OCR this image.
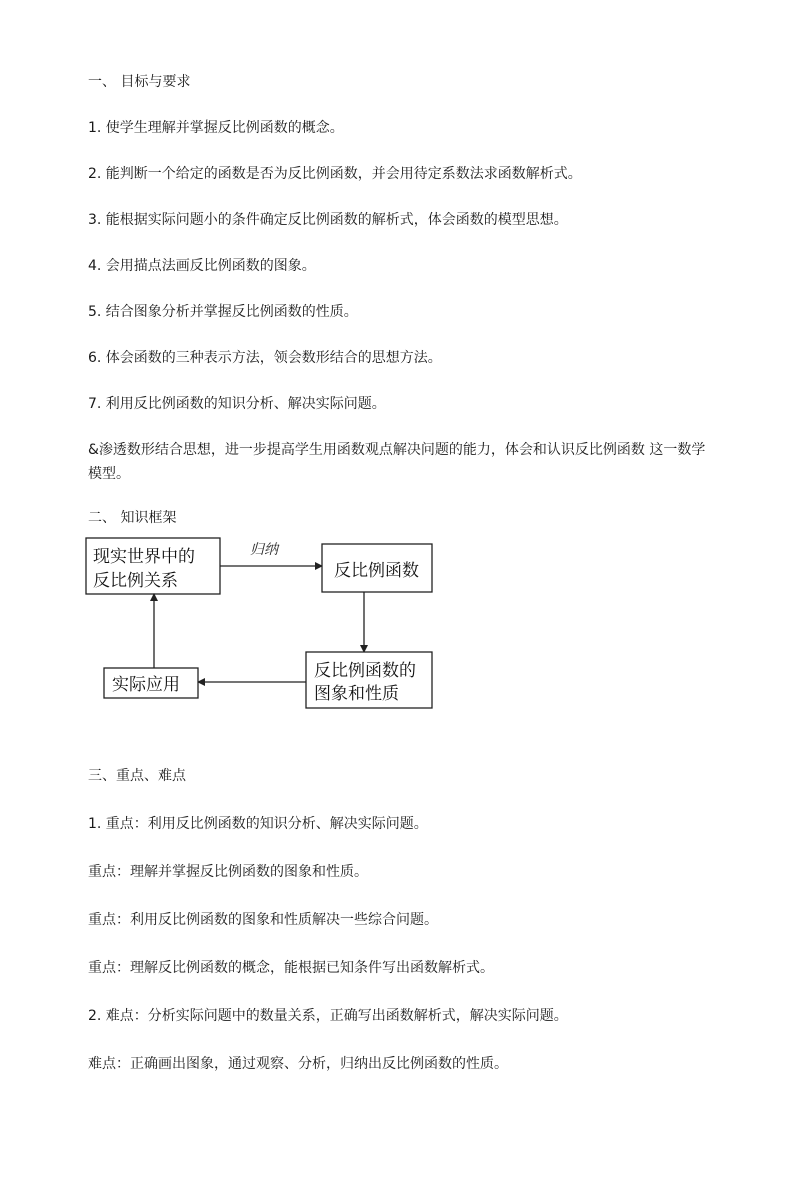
一、 目标与要求
1. 使学生理解并掌握反比例函数的概念。
2. 能判断一个给定的函数是否为反比例函数，并会用待定系数法求函数解析式。
3. 能根据实际问题小的条件确定反比例函数的解析式，体会函数的模型思想。
4. 会用描点法画反比例函数的图象。
5. 结合图象分析并掌握反比例函数的性质。
6. 体会函数的三种表示方法，领会数形结合的思想方法。
7. 利用反比例函数的知识分析、解决实际问题。
&渗透数形结合思想，进一步提高学生用函数观点解决问题的能力，体会和认识反比例函数 这一数学模型。
二、 知识框架
现实世界中的
反比例关系
归纳
反比例函数
反比例函数的
图象和性质
实际应用
三、重点、难点
1. 重点：利用反比例函数的知识分析、解决实际问题。
重点：理解并掌握反比例函数的图象和性质。
重点：利用反比例函数的图象和性质解决一些综合问题。
重点：理解反比例函数的概念，能根据已知条件写出函数解析式。
2. 难点：分析实际问题中的数量关系，正确写出函数解析式，解决实际问题。
难点：正确画出图象，通过观察、分析，归纳出反比例函数的性质。
